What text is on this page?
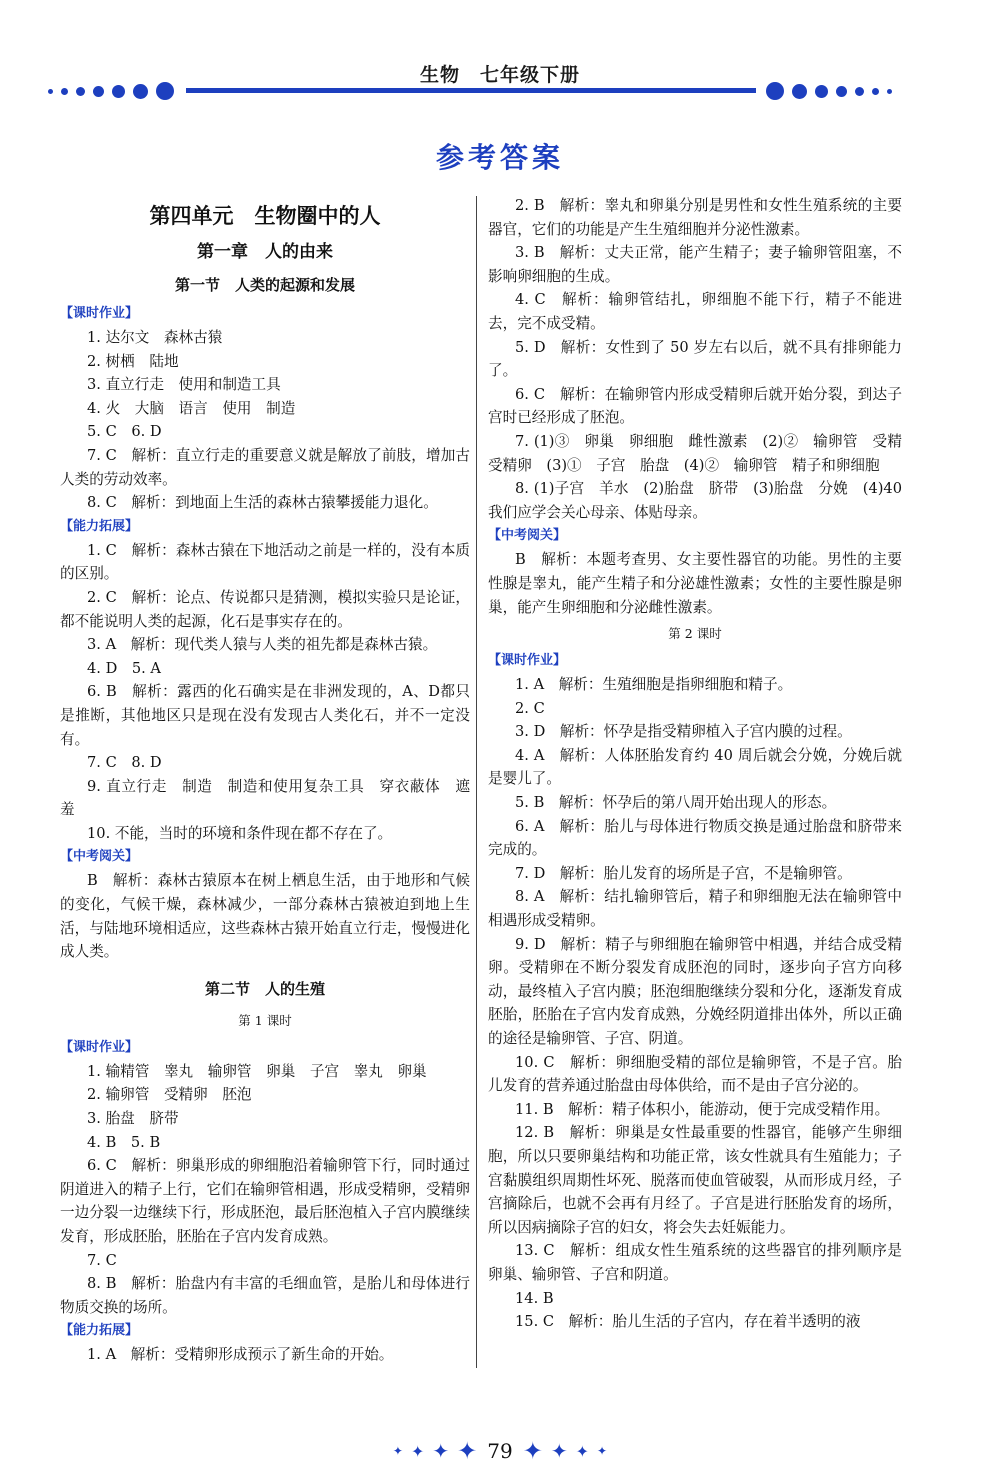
生物　七年级下册
参考答案
第四单元　生物圈中的人
第一章　人的由来
第一节　人类的起源和发展
【课时作业】

1. 达尔文　森林古猿

2. 树栖　陆地

3. 直立行走　使用和制造工具

4. 火　大脑　语言　使用　制造

5. C　6. D

7. C　解析：直立行走的重要意义就是解放了前肢，增加古人类的劳动效率。

8. C　解析：到地面上生活的森林古猿攀援能力退化。

【能力拓展】

1. C　解析：森林古猿在下地活动之前是一样的，没有本质的区别。

2. C　解析：论点、传说都只是猜测，模拟实验只是论证，都不能说明人类的起源，化石是事实存在的。

3. A　解析：现代类人猿与人类的祖先都是森林古猿。

4. D　5. A

6. B　解析：露西的化石确实是在非洲发现的，A、D都只是推断，其他地区只是现在没有发现古人类化石，并不一定没有。

7. C　8. D

9. 直立行走　制造　制造和使用复杂工具　穿衣蔽体　遮羞

10. 不能，当时的环境和条件现在都不存在了。

【中考阅关】

B　解析：森林古猿原本在树上栖息生活，由于地形和气候的变化，气候干燥，森林减少，一部分森林古猿被迫到地上生活，与陆地环境相适应，这些森林古猿开始直立行走，慢慢进化成人类。

第二节　人的生殖
第 1 课时
【课时作业】

1. 输精管　睾丸　输卵管　卵巢　子宫　睾丸　卵巢

2. 输卵管　受精卵　胚泡

3. 胎盘　脐带

4. B　5. B

6. C　解析：卵巢形成的卵细胞沿着输卵管下行，同时通过阴道进入的精子上行，它们在输卵管相遇，形成受精卵，受精卵一边分裂一边继续下行，形成胚泡，最后胚泡植入子宫内膜继续发育，形成胚胎，胚胎在子宫内发育成熟。

7. C

8. B　解析：胎盘内有丰富的毛细血管，是胎儿和母体进行物质交换的场所。

【能力拓展】

1. A　解析：受精卵形成预示了新生命的开始。

2. B　解析：睾丸和卵巢分别是男性和女性生殖系统的主要器官，它们的功能是产生生殖细胞并分泌性激素。

3. B　解析：丈夫正常，能产生精子；妻子输卵管阻塞，不影响卵细胞的生成。

4. C　解析：输卵管结扎，卵细胞不能下行，精子不能进去，完不成受精。

5. D　解析：女性到了 50 岁左右以后，就不具有排卵能力了。

6. C　解析：在输卵管内形成受精卵后就开始分裂，到达子宫时已经形成了胚泡。

7. (1)③　卵巢　卵细胞　雌性激素　(2)②　输卵管　受精　受精卵　(3)①　子宫　胎盘　(4)②　输卵管　精子和卵细胞

8. (1)子宫　羊水　(2)胎盘　脐带　(3)胎盘　分娩　(4)40　我们应学会关心母亲、体贴母亲。

【中考阅关】

B　解析：本题考查男、女主要性器官的功能。男性的主要性腺是睾丸，能产生精子和分泌雄性激素；女性的主要性腺是卵巢，能产生卵细胞和分泌雌性激素。

第 2 课时
【课时作业】

1. A　解析：生殖细胞是指卵细胞和精子。

2. C

3. D　解析：怀孕是指受精卵植入子宫内膜的过程。

4. A　解析：人体胚胎发育约 40 周后就会分娩，分娩后就是婴儿了。

5. B　解析：怀孕后的第八周开始出现人的形态。

6. A　解析：胎儿与母体进行物质交换是通过胎盘和脐带来完成的。

7. D　解析：胎儿发育的场所是子宫，不是输卵管。

8. A　解析：结扎输卵管后，精子和卵细胞无法在输卵管中相遇形成受精卵。

9. D　解析：精子与卵细胞在输卵管中相遇，并结合成受精卵。受精卵在不断分裂发育成胚泡的同时，逐步向子宫方向移动，最终植入子宫内膜；胚泡细胞继续分裂和分化，逐渐发育成胚胎，胚胎在子宫内发育成熟，分娩经阴道排出体外，所以正确的途径是输卵管、子宫、阴道。

10. C　解析：卵细胞受精的部位是输卵管，不是子宫。胎儿发育的营养通过胎盘由母体供给，而不是由子宫分泌的。

11. B　解析：精子体积小，能游动，便于完成受精作用。

12. B　解析：卵巢是女性最重要的性器官，能够产生卵细胞，所以只要卵巢结构和功能正常，该女性就具有生殖能力；子宫黏膜组织周期性坏死、脱落而使血管破裂，从而形成月经，子宫摘除后，也就不会再有月经了。子宫是进行胚胎发育的场所，所以因病摘除子宫的妇女，将会失去妊娠能力。

13. C　解析：组成女性生殖系统的这些器官的排列顺序是卵巢、输卵管、子宫和阴道。

14. B

15. C　解析：胎儿生活的子宫内，存在着半透明的液

✦ ✦ ✦ ✦ 79 ✦ ✦ ✦ ✦
